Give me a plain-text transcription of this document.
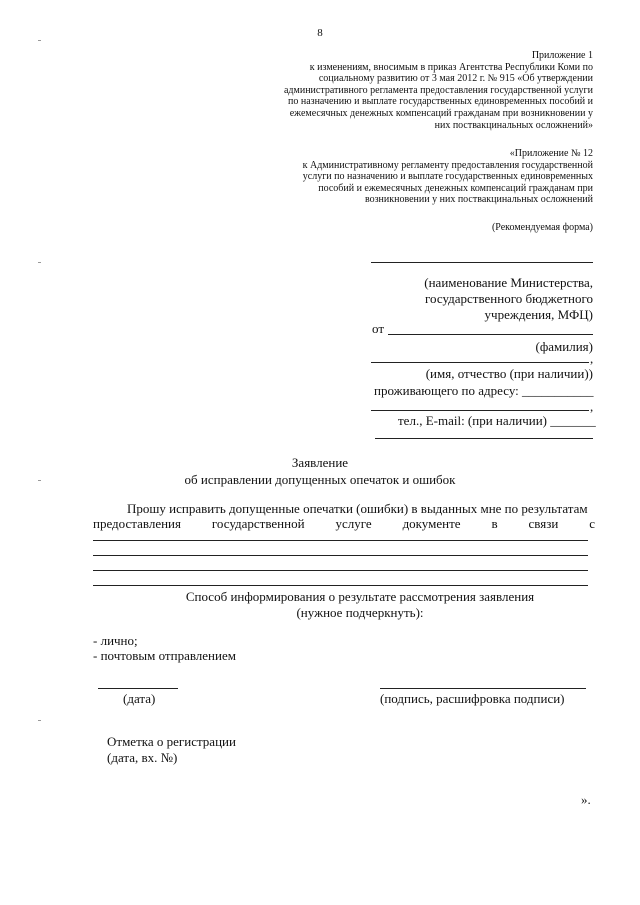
8
Приложение 1
к изменениям, вносимым в приказ Агентства Республики Коми по
социальному развитию от 3 мая 2012 г. № 915 «Об утверждении
административного регламента предоставления государственной услуги
по назначению и выплате государственных единовременных пособий и
ежемесячных денежных компенсаций гражданам при возникновении у
них поствакцинальных осложнений»
«Приложение № 12
к Административному регламенту предоставления государственной
услуги по назначению и выплате государственных единовременных
пособий и ежемесячных денежных компенсаций гражданам при
возникновении у них поствакцинальных осложнений
(Рекомендуемая форма)
(наименование Министерства,
государственного бюджетного
учреждения, МФЦ)
от
(фамилия)
,
(имя, отчество (при наличии))
проживающего по адресу: ___________
,
тел., E-mail: (при наличии) _______
Заявление
об исправлении допущенных опечаток и ошибок
Прошу исправить допущенные опечатки (ошибки) в выданных мне по результатам
предоставления государственной услуге документе в связи с
Способ информирования о результате рассмотрения заявления
(нужное подчеркнуть):
- лично;
- почтовым отправлением
(дата)	(подпись, расшифровка подписи)
Отметка о регистрации
(дата, вх. №)
».
